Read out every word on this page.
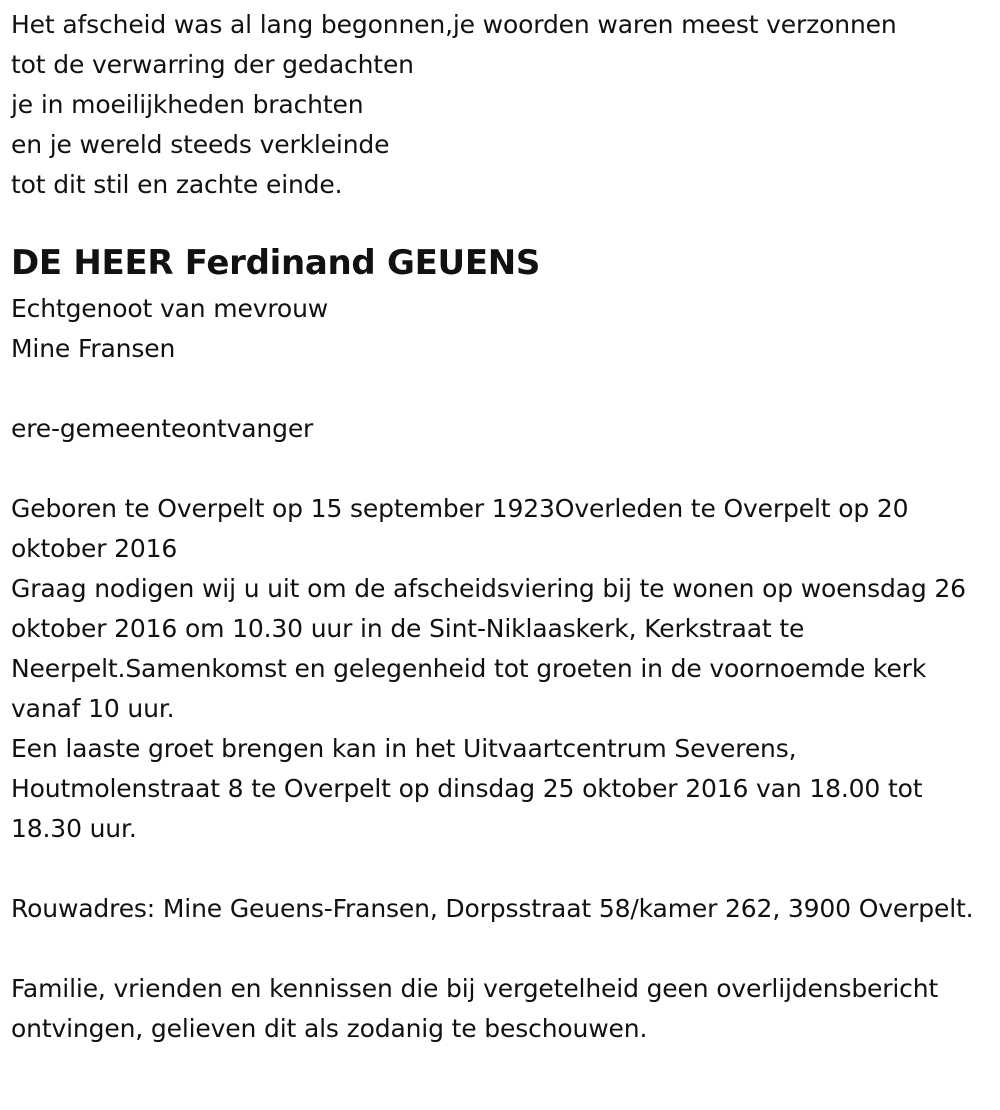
Het afscheid was al lang begonnen,je woorden waren meest verzonnen
tot de verwarring der gedachten
je in moeilijkheden brachten
en je wereld steeds verkleinde
tot dit stil en zachte einde.
DE HEER Ferdinand GEUENS
Echtgenoot van mevrouw
Mine Fransen
ere-gemeenteontvanger
Geboren te Overpelt op 15 september 1923Overleden te Overpelt op 20 oktober 2016
Graag nodigen wij u uit om de afscheidsviering bij te wonen op woensdag 26 oktober 2016 om 10.30 uur in de Sint-Niklaaskerk, Kerkstraat te Neerpelt.Samenkomst en gelegenheid tot groeten in de voornoemde kerk vanaf 10 uur.
Een laaste groet brengen kan in het Uitvaartcentrum Severens, Houtmolenstraat 8 te Overpelt op dinsdag 25 oktober 2016 van 18.00 tot 18.30 uur.
Rouwadres: Mine Geuens-Fransen, Dorpsstraat 58/kamer 262, 3900 Overpelt.
Familie, vrienden en kennissen die bij vergetelheid geen overlijdensbericht ontvingen, gelieven dit als zodanig te beschouwen.
